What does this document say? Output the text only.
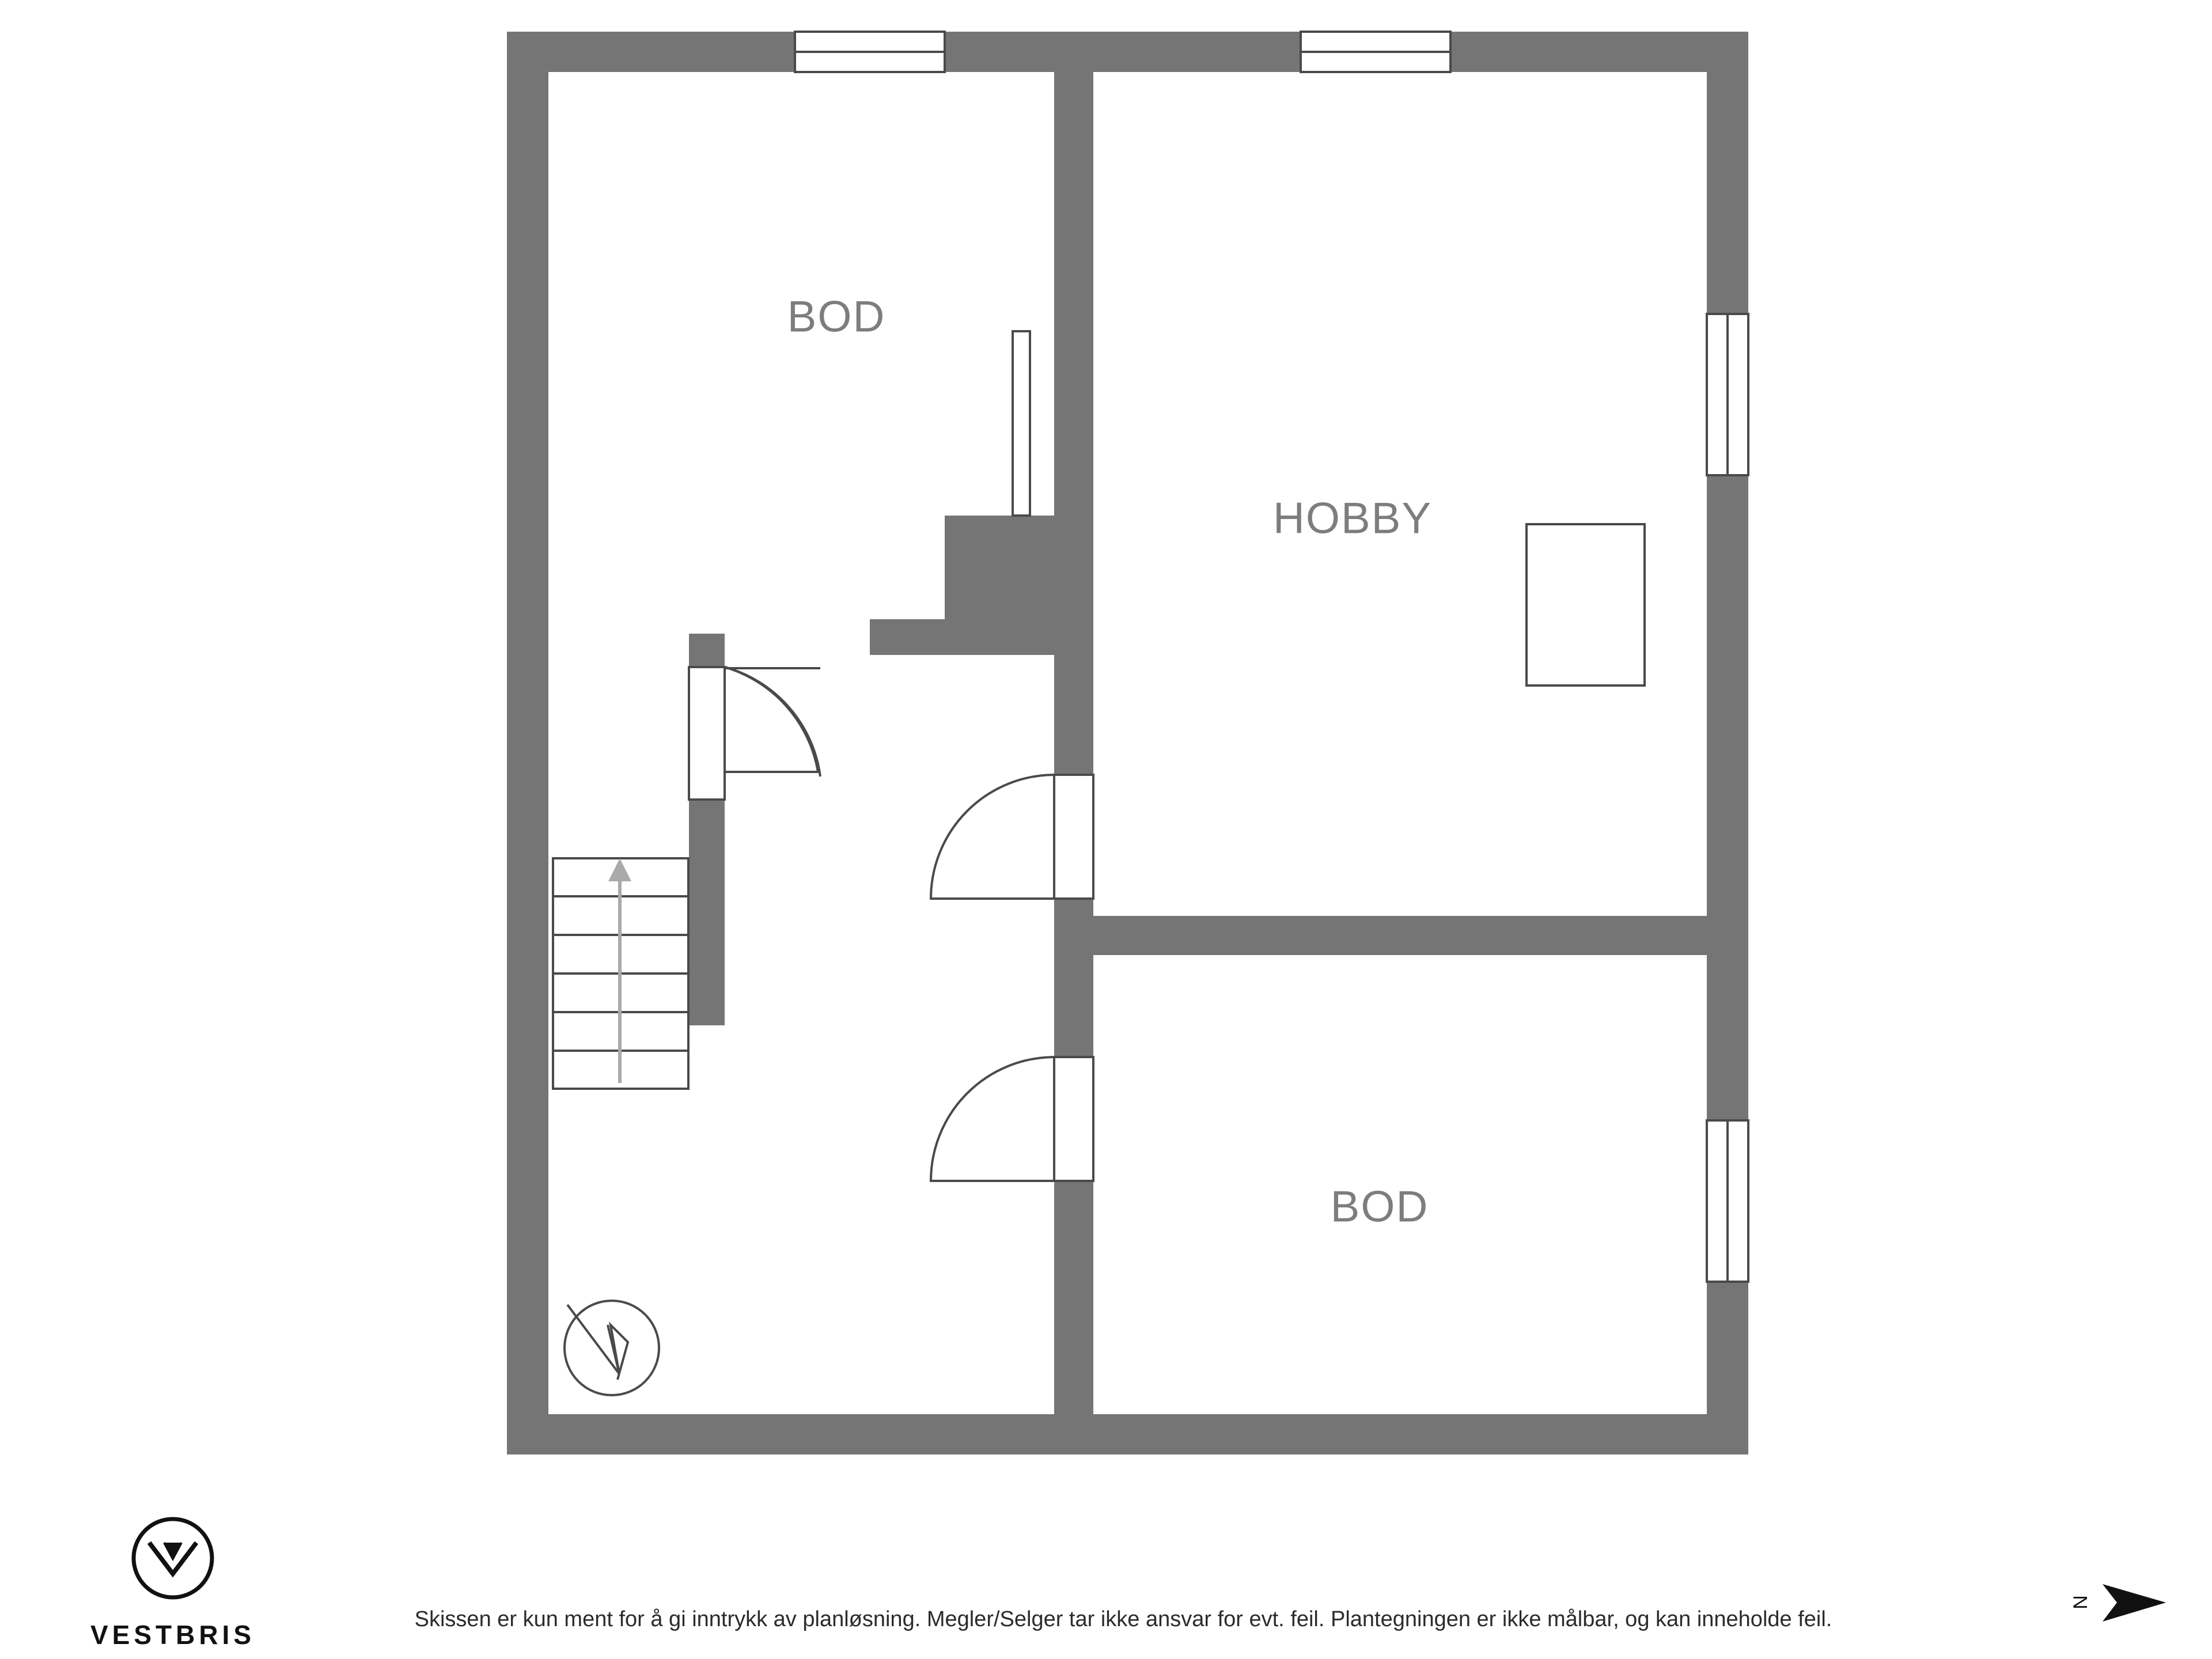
BOD
HOBBY
BOD
Skissen er kun ment for å gi inntrykk av planløsning. Megler/Selger tar ikke ansvar for evt. feil. Plantegningen er ikke målbar, og kan inneholde feil.
VESTBRIS
N
